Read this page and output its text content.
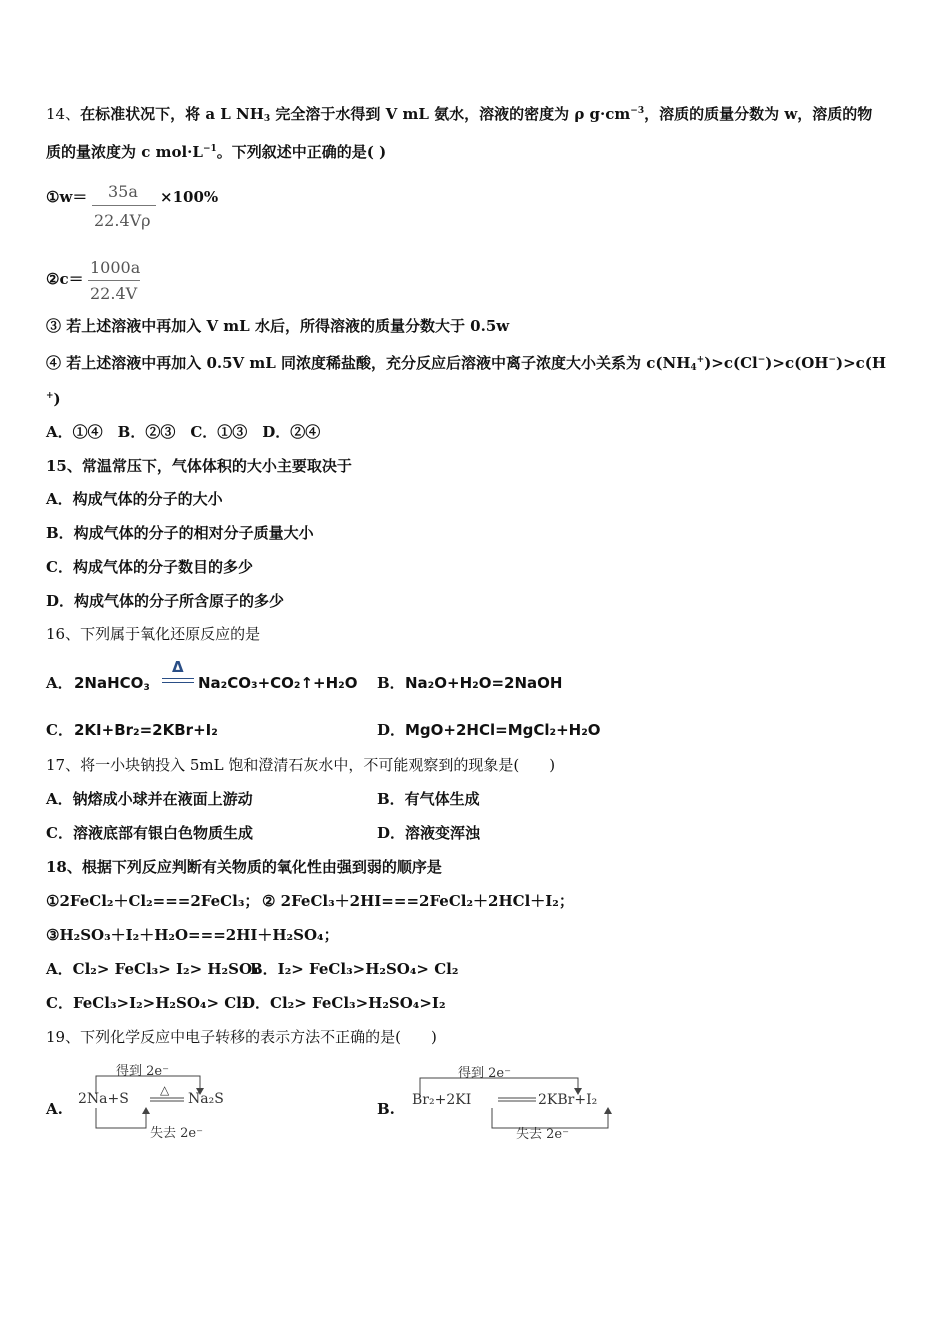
14、在标准状况下，将 a L $NH_3$ 完全溶于水得到 V mL 氨水，溶液的密度为 ρ $g\cdot cm^{-3}$，溶质的质量分数为 w，溶质的物
质的量浓度为 c $mol\cdot L^{-1}$。下列叙述中正确的是( )
①w＝ 35a
22.4Vρ
×100%
②c＝
1000a
22.4V
③ 若上述溶液中再加入 V mL 水后，所得溶液的质量分数大于 0.5w
④ 若上述溶液中再加入 0.5V mL 同浓度稀盐酸，充分反应后溶液中离子浓度大小关系为 $c(NH_4^+)>c(Cl^-)>c(OH^-)>c(H$
+)
A．①④　B．②③　C．①③　D．②④
15、常温常压下，气体体积的大小主要取决于
A．构成气体的分子的大小
B．构成气体的分子的相对分子质量大小
C．构成气体的分子数目的多少
D．构成气体的分子所含原子的多少
16、下列属于氧化还原反应的是
A． 2NaHCO$_3$
Δ
Na₂CO₃+CO₂↑+H₂O B． Na₂O+H₂O=2NaOH
C． 2KI+Br₂=2KBr+I₂	D． MgO+2HCl=MgCl₂+H₂O
17、将一小块钠投入 5mL 饱和澄清石灰水中，不可能观察到的现象是(　　)
A．钠熔成小球并在液面上游动	B．有气体生成
C．溶液底部有银白色物质生成	D．溶液变浑浊
18、根据下列反应判断有关物质的氧化性由强到弱的顺序是
①2FeCl₂＋Cl₂===2FeCl₃； ② 2FeCl₃＋2HI===2FeCl₂＋2HCl＋I₂；
③H₂SO₃＋I₂＋H₂O===2HI＋H₂SO₄；
A．Cl₂> FeCl₃> I₂> H₂SO₄
B．I₂> FeCl₃>H₂SO₄> Cl₂
C．FeCl₃>I₂>H₂SO₄> Cl₂
D．Cl₂> FeCl₃>H₂SO₄>I₂
19、下列化学反应中电子转移的表示方法不正确的是(　　)
A.
得到 2e⁻
2Na+S
△
Na₂S
失去 2e⁻
B.
得到 2e⁻
Br₂+2KI	2KBr+I₂
失去 2e⁻
